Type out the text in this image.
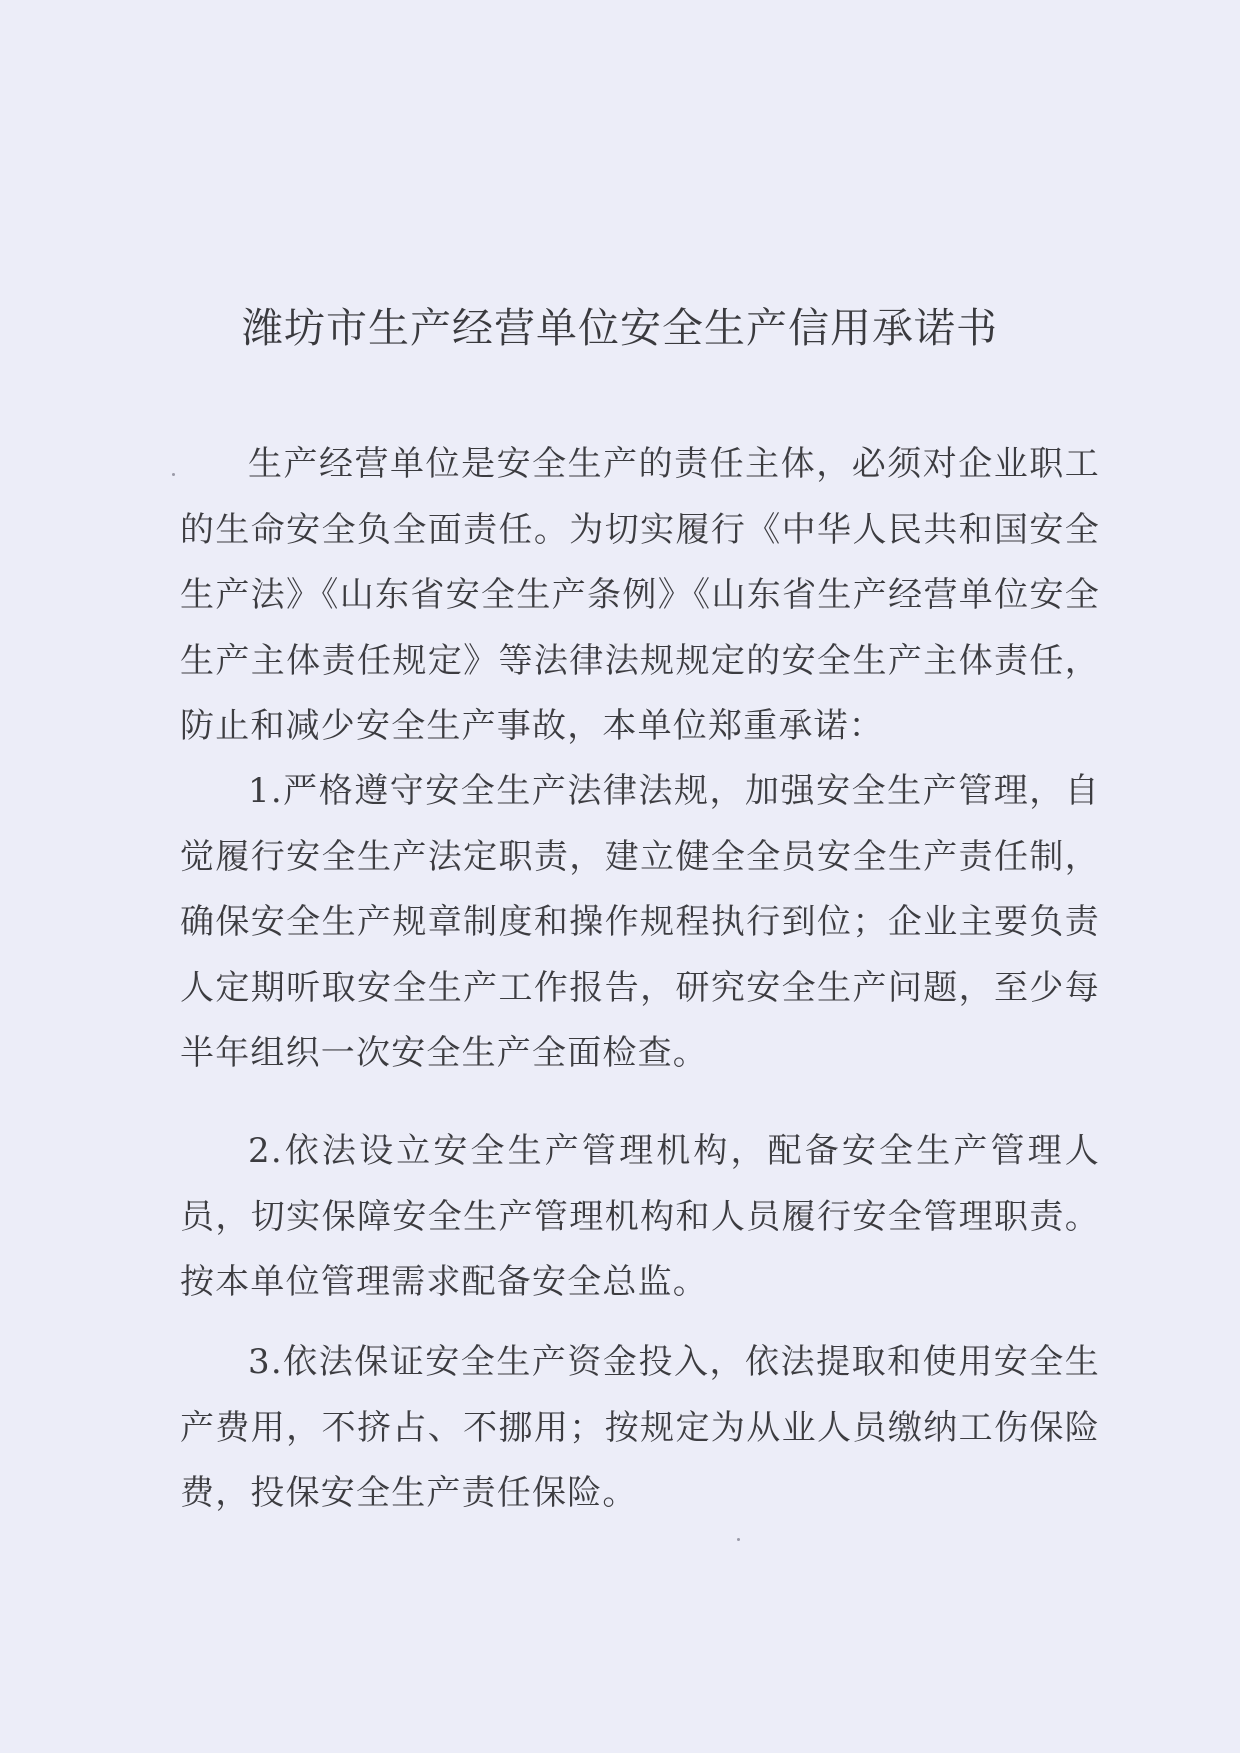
潍坊市生产经营单位安全生产信用承诺书

生产经营单位是安全生产的责任主体，必须对企业职工的生命安全负全面责任。为切实履行《中华人民共和国安全生产法》《山东省安全生产条例》《山东省生产经营单位安全生产主体责任规定》等法律法规规定的安全生产主体责任，防止和减少安全生产事故，本单位郑重承诺：

1.严格遵守安全生产法律法规，加强安全生产管理，自觉履行安全生产法定职责，建立健全全员安全生产责任制，确保安全生产规章制度和操作规程执行到位；企业主要负责人定期听取安全生产工作报告，研究安全生产问题，至少每半年组织一次安全生产全面检查。

2.依法设立安全生产管理机构，配备安全生产管理人员，切实保障安全生产管理机构和人员履行安全管理职责。按本单位管理需求配备安全总监。

3.依法保证安全生产资金投入，依法提取和使用安全生产费用，不挤占、不挪用；按规定为从业人员缴纳工伤保险费，投保安全生产责任保险。
